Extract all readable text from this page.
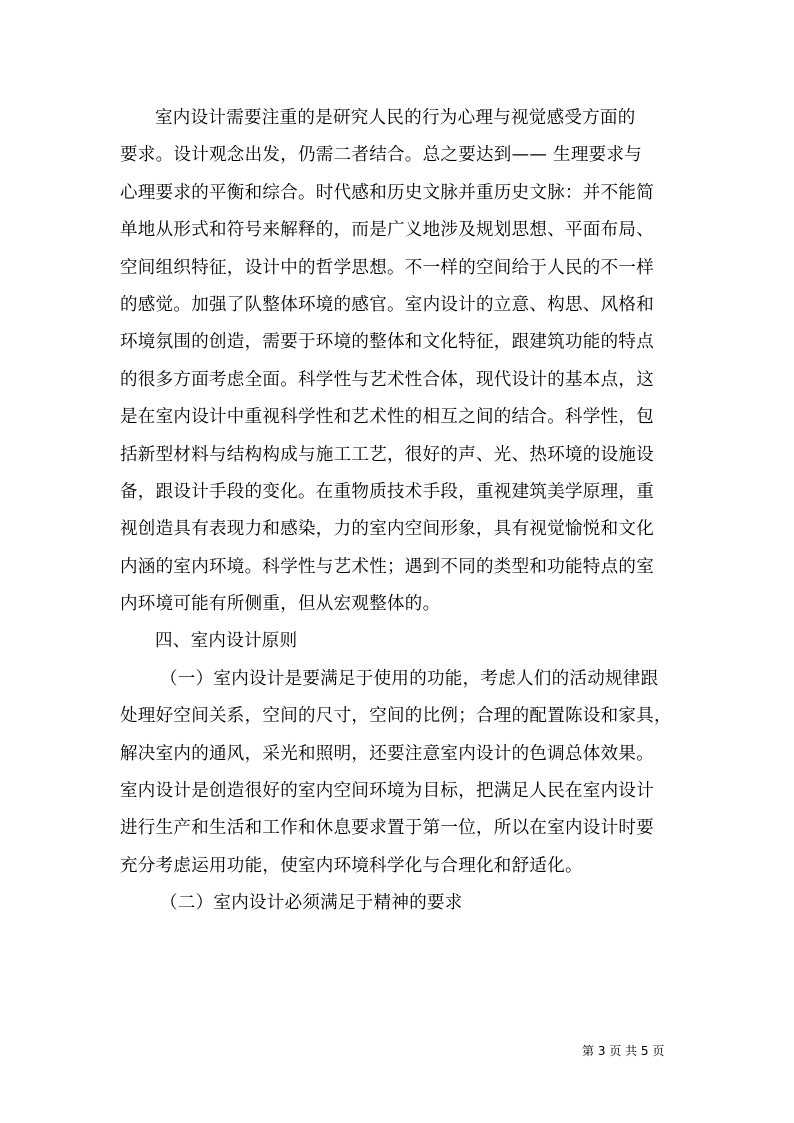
室内设计需要注重的是研究人民的行为心理与视觉感受方面的
要求。设计观念出发，仍需二者结合。总之要达到—— 生理要求与
心理要求的平衡和综合。时代感和历史文脉并重历史文脉：并不能简
单地从形式和符号来解释的，而是广义地涉及规划思想、平面布局、
空间组织特征，设计中的哲学思想。不一样的空间给于人民的不一样
的感觉。加强了队整体环境的感官。室内设计的立意、构思、风格和
环境氛围的创造，需要于环境的整体和文化特征，跟建筑功能的特点
的很多方面考虑全面。科学性与艺术性合体，现代设计的基本点，这
是在室内设计中重视科学性和艺术性的相互之间的结合。科学性，包
括新型材料与结构构成与施工工艺，很好的声、光、热环境的设施设
备，跟设计手段的变化。在重物质技术手段，重视建筑美学原理，重
视创造具有表现力和感染，力的室内空间形象，具有视觉愉悦和文化
内涵的室内环境。科学性与艺术性；遇到不同的类型和功能特点的室
内环境可能有所侧重，但从宏观整体的。
四、室内设计原则
（一）室内设计是要满足于使用的功能，考虑人们的活动规律跟
处理好空间关系，空间的尺寸，空间的比例；合理的配置陈设和家具，
解决室内的通风，采光和照明，还要注意室内设计的色调总体效果。
室内设计是创造很好的室内空间环境为目标，把满足人民在室内设计
进行生产和生活和工作和休息要求置于第一位，所以在室内设计时要
充分考虑运用功能，使室内环境科学化与合理化和舒适化。
（二）室内设计必须满足于精神的要求
第 3 页 共 5 页
